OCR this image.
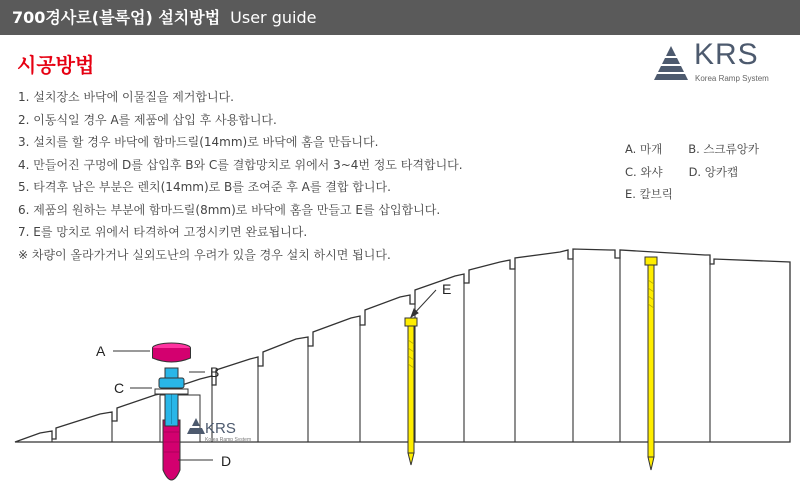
700경사로(블록업) 설치방법 User guide
시공방법
1. 설치장소 바닥에 이물질을 제거합니다.
2. 이동식일 경우 A를 제품에 삽입 후 사용합니다.
3. 설치를 할 경우 바닥에 함마드릴(14mm)로 바닥에 홈을 만듭니다.
4. 만들어진 구멍에 D를 삽입후 B와 C를 결합망치로 위에서 3~4번 정도 타격합니다.
5. 타격후 남은 부분은 렌치(14mm)로 B를 조여준 후 A를 결합 합니다.
6. 제품의 원하는 부분에 함마드릴(8mm)로 바닥에 홈을 만들고 E를 삽입합니다.
7. E를 망치로 위에서 타격하여 고정시키면 완료됩니다.
※ 차량이 올라가거나 실외도난의 우려가 있을 경우 설치 하시면 됩니다.
KRS
Korea Ramp System
A. 마개 B. 스크류앙카
C. 와샤 D. 앙카캡
E. 칼브릭
KRS
Korea Ramp System
A
B
C
D
E
